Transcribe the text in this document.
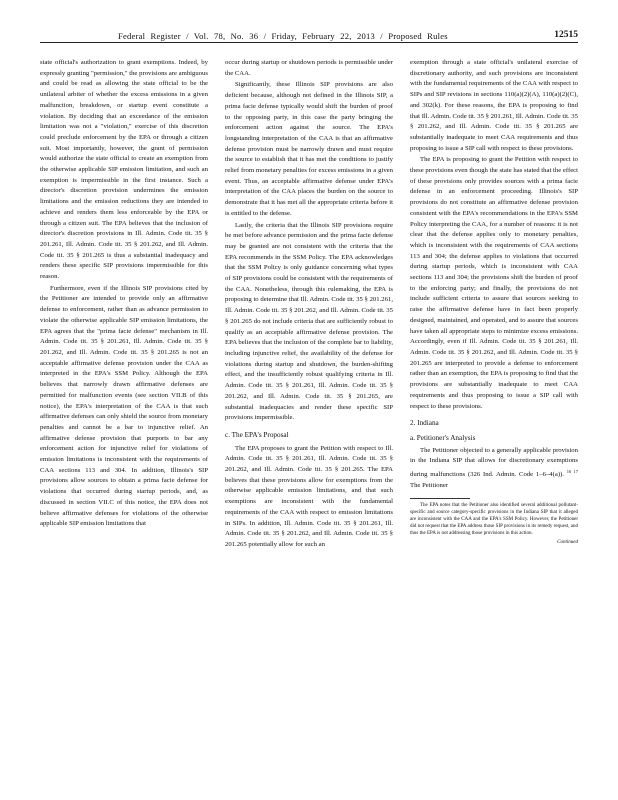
Federal Register / Vol. 78, No. 36 / Friday, February 22, 2013 / Proposed Rules	12515

state official's authorization to grant exemptions. Indeed, by expressly granting "permission," the provisions are ambiguous and could be read as allowing the state official to be the unilateral arbiter of whether the excess emissions in a given malfunction, breakdown, or startup event constitute a violation. By deciding that an exceedance of the emission limitation was not a "violation," exercise of this discretion could preclude enforcement by the EPA or through a citizen suit. Most importantly, however, the grant of permission would authorize the state official to create an exemption from the otherwise applicable SIP emission limitation, and such an exemption is impermissible in the first instance. Such a director's discretion provision undermines the emission limitations and the emission reductions they are intended to achieve and renders them less enforceable by the EPA or through a citizen suit. The EPA believes that the inclusion of director's discretion provisions in Ill. Admin. Code tit. 35 § 201.261, Ill. Admin. Code tit. 35 § 201.262, and Ill. Admin. Code tit. 35 § 201.265 is thus a substantial inadequacy and renders these specific SIP provisions impermissible for this reason.

Furthermore, even if the Illinois SIP provisions cited by the Petitioner are intended to provide only an affirmative defense to enforcement, rather than as advance permission to violate the otherwise applicable SIP emission limitations, the EPA agrees that the "prima facie defense" mechanism in Ill. Admin. Code tit. 35 § 201.261, Ill. Admin. Code tit. 35 § 201.262, and Ill. Admin. Code tit. 35 § 201.265 is not an acceptable affirmative defense provision under the CAA as interpreted in the EPA's SSM Policy. Although the EPA believes that narrowly drawn affirmative defenses are permitted for malfunction events (see section VII.B of this notice), the EPA's interpretation of the CAA is that such affirmative defenses can only shield the source from monetary penalties and cannot be a bar to injunctive relief. An affirmative defense provision that purports to bar any enforcement action for injunctive relief for violations of emission limitations is inconsistent with the requirements of CAA sections 113 and 304. In addition, Illinois's SIP provisions allow sources to obtain a prima facie defense for violations that occurred during startup periods, and, as discussed in section VII.C of this notice, the EPA does not believe affirmative defenses for violations of the otherwise applicable SIP emission limitations that

occur during startup or shutdown periods is permissible under the CAA.

Significantly, these Illinois SIP provisions are also deficient because, although not defined in the Illinois SIP, a prima facie defense typically would shift the burden of proof to the opposing party, in this case the party bringing the enforcement action against the source. The EPA's longstanding interpretation of the CAA is that an affirmative defense provision must be narrowly drawn and must require the source to establish that it has met the conditions to justify relief from monetary penalties for excess emissions in a given event. Thus, an acceptable affirmative defense under EPA's interpretation of the CAA places the burden on the source to demonstrate that it has met all the appropriate criteria before it is entitled to the defense.

Lastly, the criteria that the Illinois SIP provisions require be met before advance permission and the prima facie defense may be granted are not consistent with the criteria that the EPA recommends in the SSM Policy. The EPA acknowledges that the SSM Policy is only guidance concerning what types of SIP provisions could be consistent with the requirements of the CAA. Nonetheless, through this rulemaking, the EPA is proposing to determine that Ill. Admin. Code tit. 35 § 201.261, Ill. Admin. Code tit. 35 § 201.262, and Ill. Admin. Code tit. 35 § 201.265 do not include criteria that are sufficiently robust to qualify as an acceptable affirmative defense provision. The EPA believes that the inclusion of the complete bar to liability, including injunctive relief, the availability of the defense for violations during startup and shutdown, the burden-shifting effect, and the insufficiently robust qualifying criteria in Ill. Admin. Code tit. 35 § 201.261, Ill. Admin. Code tit. 35 § 201.262, and Ill. Admin. Code tit. 35 § 201.265, are substantial inadequacies and render these specific SIP provisions impermissible.

c. The EPA's Proposal

The EPA proposes to grant the Petition with respect to Ill. Admin. Code tit. 35 § 201.261, Ill. Admin. Code tit. 35 § 201.262, and Ill. Admin. Code tit. 35 § 201.265. The EPA believes that these provisions allow for exemptions from the otherwise applicable emission limitations, and that such exemptions are inconsistent with the fundamental requirements of the CAA with respect to emission limitations in SIPs. In addition, Ill. Admin. Code tit. 35 § 201.261, Ill. Admin. Code tit. 35 § 201.262, and Ill. Admin. Code tit. 35 § 201.265 potentially allow for such an

exemption through a state official's unilateral exercise of discretionary authority, and such provisions are inconsistent with the fundamental requirements of the CAA with respect to SIPs and SIP revisions in sections 110(a)(2)(A), 110(a)(2)(C), and 302(k). For these reasons, the EPA is proposing to find that Ill. Admin. Code tit. 35 § 201.261, Ill. Admin. Code tit. 35 § 201.262, and Ill. Admin. Code tit. 35 § 201.265 are substantially inadequate to meet CAA requirements and thus proposing to issue a SIP call with respect to these provisions.

The EPA is proposing to grant the Petition with respect to these provisions even though the state has stated that the effect of these provisions only provides sources with a prima facie defense in an enforcement proceeding. Illinois's SIP provisions do not constitute an affirmative defense provision consistent with the EPA's recommendations in the EPA's SSM Policy interpreting the CAA, for a number of reasons: it is not clear that the defense applies only to monetary penalties, which is inconsistent with the requirements of CAA sections 113 and 304; the defense applies to violations that occurred during startup periods, which is inconsistent with CAA sections 113 and 304; the provisions shift the burden of proof to the enforcing party; and finally, the provisions do not include sufficient criteria to assure that sources seeking to raise the affirmative defense have in fact been properly designed, maintained, and operated, and to assure that sources have taken all appropriate steps to minimize excess emissions. Accordingly, even if Ill. Admin. Code tit. 35 § 201.261, Ill. Admin. Code tit. 35 § 201.262, and Ill. Admin. Code tit. 35 § 201.265 are interpreted to provide a defense to enforcement rather than an exemption, the EPA is proposing to find that the provisions are substantially inadequate to meet CAA requirements and thus proposing to issue a SIP call with respect to these provisions.

2. Indiana

a. Petitioner's Analysis

The Petitioner objected to a generally applicable provision in the Indiana SIP that allows for discretionary exemptions during malfunctions (326 Ind. Admin. Code 1–6–4(a)). $^{16 17}$ The Petitioner

The EPA notes that the Petitioner also identified several additional pollutant-specific and source category-specific provisions in the Indiana SIP that it alleged are inconsistent with the CAA and the EPA's SSM Policy. However, the Petitioner did not request that the EPA address those SIP provisions in its remedy request, and thus the EPA is not addressing those provisions in this action.

Continued
